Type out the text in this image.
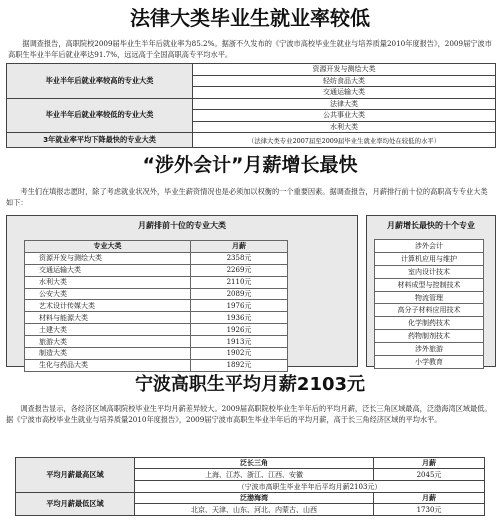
法律大类毕业生就业率较低

据调查报告，高职院校2009届毕业生半年后就业率为85.2%。据浙不久发布的《宁波市高校毕业生就业与培养质量2010年度报告》，2009届宁波市高职生毕业半年后就业率达91.7%，远远高于全国高职高专平均水平。

毕业半年后就业率较高的专业大类	资源开发与测绘大类
	轻纺食品大类
	交通运输大类
毕业半年后就业率较低的专业大类	法律大类
	公共事业大类
	水利大类
3年就业率平均下降最快的专业大类	（法律大类专业2007届至2009届毕业生就业率均处在较低的水平）
“涉外会计”月薪增长最快

考生们在填报志愿时，除了考虑就业状况外，毕业生薪资情况也是必须加以权衡的一个重要因素。据调查报告，月薪排行前十位的高职高专专业大类如下：

月薪排前十位的专业大类
专业大类	月薪
资源开发与测绘大类	2358元
交通运输大类	2269元
水利大类	2110元
公安大类	2089元
艺术设计传媒大类	1976元
材料与能源大类	1936元
土建大类	1926元
旅游大类	1913元
制造大类	1902元
生化与药品大类	1892元
月薪增长最快的十个专业
涉外会计
计算机应用与维护
室内设计技术
材料成型与控制技术
物流管理
高分子材料应用技术
化学制药技术
药物制剂技术
涉外旅游
小学教育
宁波高职生平均月薪2103元

调查报告显示，各经济区域高职院校毕业生平均月薪差异较大。2009届高职院校毕业生半年后的平均月薪，泛长三角区域最高，泛渤海湾区域最低。据《宁波市高校毕业生就业与培养质量2010年度报告》，2009届宁波市高职生毕业半年后的平均月薪，高于长三角经济区域的平均水平。

平均月薪最高区域	泛长三角	月薪
	上海、江苏、浙江、江西、安徽	2045元
	（宁波市高职生毕业半年后平均月薪2103元）	
平均月薪最低区域	泛渤海湾	月薪
	北京、天津、山东、河北、内蒙古、山西	1730元
